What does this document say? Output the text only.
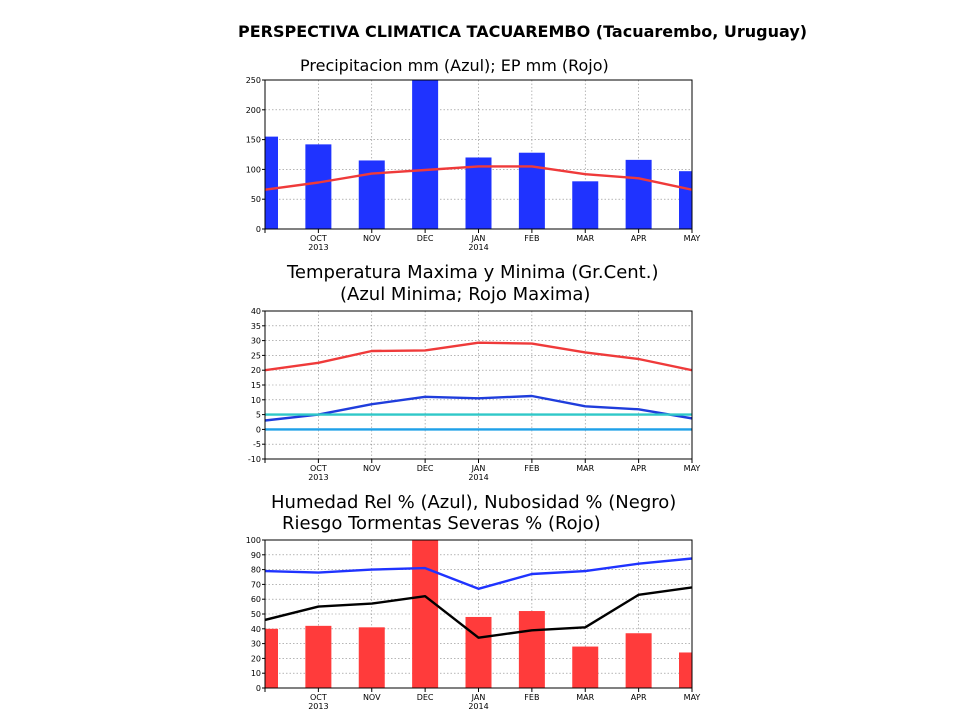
PERSPECTIVA CLIMATICA TACUAREMBO (Tacuarembo, Uruguay)
Precipitacion mm (Azul); EP mm (Rojo)
0
50
100
150
200
250
OCT	NOV	DEC	JAN	FEB	MAR	APR	MAY
2013	2014
Temperatura Maxima y Minima (Gr.Cent.)
(Azul Minima; Rojo Maxima)
-10
-5
0
5
10
15
20
25
30
35
40
OCT	NOV	DEC	JAN	FEB	MAR	APR	MAY
2013	2014
Humedad Rel % (Azul), Nubosidad % (Negro)
Riesgo Tormentas Severas % (Rojo)
0
10
20
30
40
50
60
70
80
90
100
OCT	NOV	DEC	JAN	FEB	MAR	APR	MAY
2013	2014
